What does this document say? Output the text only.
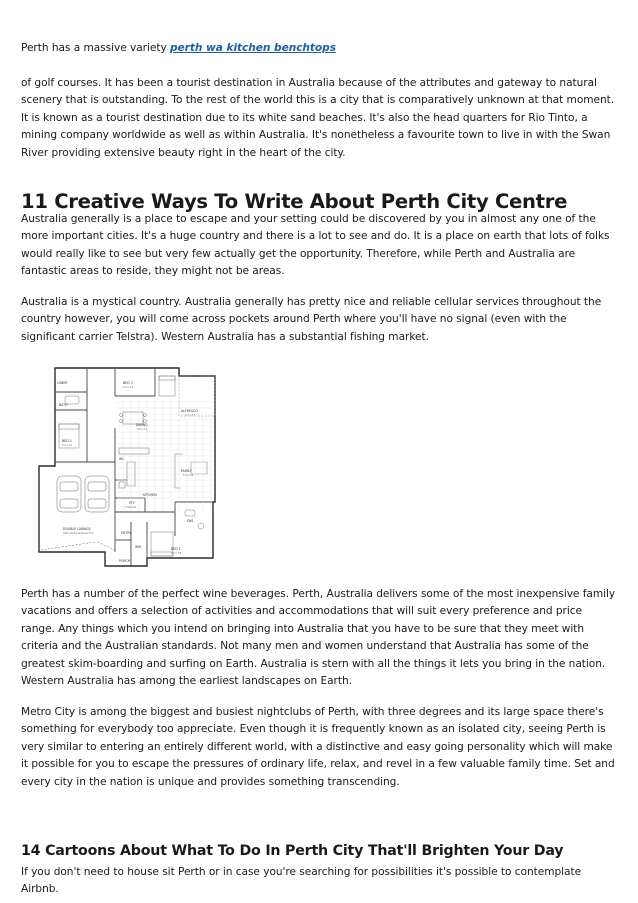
Perth has a massive variety perth wa kitchen benchtops

of golf courses. It has been a tourist destination in Australia because of the attributes and gateway to natural scenery that is outstanding. To the rest of the world this is a city that is comparatively unknown at that moment. It is known as a tourist destination due to its white sand beaches. It's also the head quarters for Rio Tinto, a mining company worldwide as well as within Australia. It's nonetheless a favourite town to live in with the Swan River providing extensive beauty right in the heart of the city.

11 Creative Ways To Write About Perth City Centre

Australia generally is a place to escape and your setting could be discovered by you in almost any one of the more important cities. It's a huge country and there is a lot to see and do. It is a place on earth that lots of folks would really like to see but very few actually get the opportunity. Therefore, while Perth and Australia are fantastic areas to reside, they might not be areas.

Australia is a mystical country. Australia generally has pretty nice and reliable cellular services throughout the country however, you will come across pockets around Perth where you'll have no signal (even with the significant carrier Telstra). Western Australia has a substantial fishing market.

LOBBY
BATH
BED 2
3.5 x 3.2
BED 3
3.0 x 2.9
DINING
3.8 x 2.9
ALFRESCO
3.7 x 3.3
FAMILY
5.6 x 4.4
KITCHEN
DOUBLE GARAGE
with remote sectional door
WC
PTY
4 Shelves
ENS
ENTRY
WIR	BED 1
3.7 x 3.8
PORCH

Perth has a number of the perfect wine beverages. Perth, Australia delivers some of the most inexpensive family vacations and offers a selection of activities and accommodations that will suit every preference and price range. Any things which you intend on bringing into Australia that you have to be sure that they meet with criteria and the Australian standards. Not many men and women understand that Australia has some of the greatest skim-boarding and surfing on Earth. Australia is stern with all the things it lets you bring in the nation. Western Australia has among the earliest landscapes on Earth.

Metro City is among the biggest and busiest nightclubs of Perth, with three degrees and its large space there's something for everybody too appreciate. Even though it is frequently known as an isolated city, seeing Perth is very similar to entering an entirely different world, with a distinctive and easy going personality which will make it possible for you to escape the pressures of ordinary life, relax, and revel in a few valuable family time. Set and every city in the nation is unique and provides something transcending.

14 Cartoons About What To Do In Perth City That'll Brighten Your Day

If you don't need to house sit Perth or in case you're searching for possibilities it's possible to contemplate Airbnb.
